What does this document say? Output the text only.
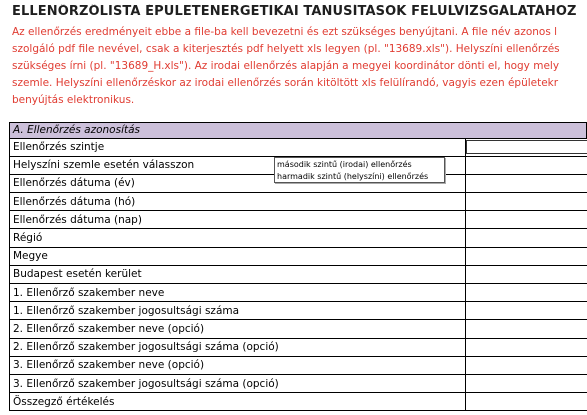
ELLENŐRZŐLISTA ÉPÜLETENERGETIKAI TANÚSÍTÁSOK FELÜLVIZSGÁLATÁHOZ
Az ellenőrzés eredményeit ebbe a file-ba kell bevezetni és ezt szükséges benyújtani. A file név azonos l
szolgáló pdf file nevével, csak a kiterjesztés pdf helyett xls legyen (pl. "13689.xls"). Helyszíni ellenőrzés
szükséges írni (pl. "13689_H.xls"). Az irodai ellenőrzés alapján a megyei koordinátor dönti el, hogy mely
szemle. Helyszíni ellenőrzéskor az irodai ellenőrzés során kitöltött xls felülírandó, vagyis ezen épületekr
benyújtás elektronikus.
A. Ellenőrzés azonosítás
Ellenőrzés szintje	

Helyszíni szemle esetén válasszon	
Ellenőrzés dátuma (év)	
Ellenőrzés dátuma (hó)	
Ellenőrzés dátuma (nap)	
Régió	
Megye	
Budapest esetén kerület	
1. Ellenőrző szakember neve	
1. Ellenőrző szakember jogosultsági száma	
2. Ellenőrző szakember neve (opció)	
2. Ellenőrző szakember jogosultsági száma (opció)	
3. Ellenőrző szakember neve (opció)	
3. Ellenőrző szakember jogosultsági száma (opció)	
Összegző értékelés	
második szintű (irodai) ellenőrzés
harmadik szintű (helyszíni) ellenőrzés
